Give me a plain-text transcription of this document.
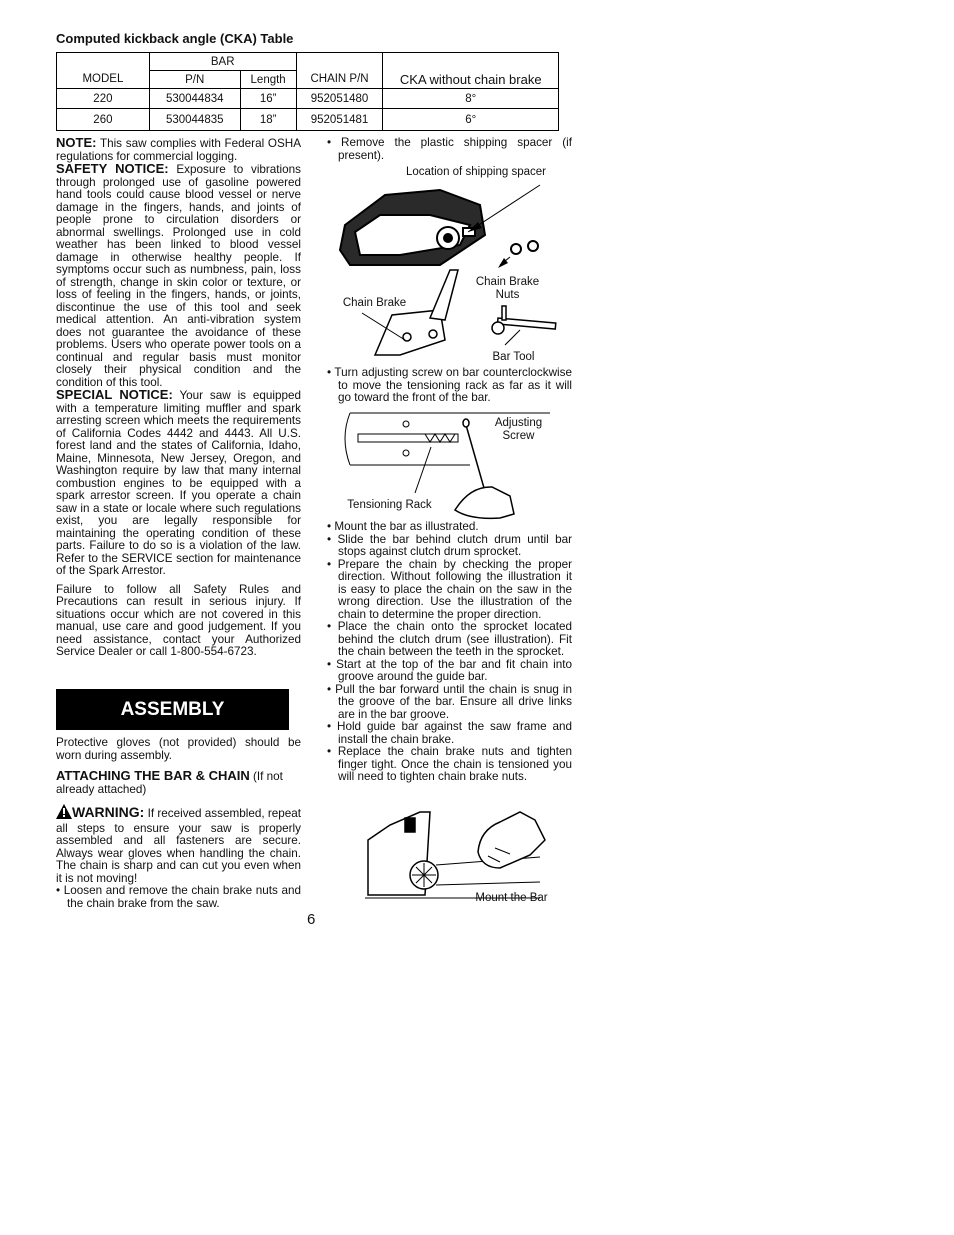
Computed kickback angle (CKA) Table
	BAR			
MODEL	P/N	Length	CHAIN P/N	CKA without chain brake
220	530044834	16”	952051480	8°
260	530044835	18”	952051481	6°

NOTE: This saw complies with Federal OSHA regulations for commercial logging.

SAFETY NOTICE: Exposure to vibrations through prolonged use of gasoline powered hand tools could cause blood vessel or nerve damage in the fingers, hands, and joints of people prone to circulation disorders or abnormal swellings. Prolonged use in cold weather has been linked to blood vessel damage in otherwise healthy people. If symptoms occur such as numbness, pain, loss of strength, change in skin color or texture, or loss of feeling in the fingers, hands, or joints, discontinue the use of this tool and seek medical attention. An anti-vibration system does not guarantee the avoidance of these problems. Users who operate power tools on a continual and regular basis must monitor closely their physical condition and the condition of this tool.

SPECIAL NOTICE: Your saw is equipped with a temperature limiting muffler and spark arresting screen which meets the requirements of California Codes 4442 and 4443. All U.S. forest land and the states of California, Idaho, Maine, Minnesota, New Jersey, Oregon, and Washington require by law that many internal combustion engines to be equipped with a spark arrestor screen. If you operate a chain saw in a state or locale where such regulations exist, you are legally responsible for maintaining the operating condition of these parts. Failure to do so is a violation of the law. Refer to the SERVICE section for maintenance of the Spark Arrestor.

Failure to follow all Safety Rules and Precautions can result in serious injury. If situations occur which are not covered in this manual, use care and good judgement. If you need assistance, contact your Authorized Service Dealer or call 1-800-554-6723.

ASSEMBLY

Protective gloves (not provided) should be worn during assembly.

ATTACHING THE BAR & CHAIN (If not already attached)

WARNING: If received assembled, repeat all steps to ensure your saw is properly assembled and all fasteners are secure. Always wear gloves when handling the chain. The chain is sharp and can cut you even when it is not moving!

• Loosen and remove the chain brake nuts and the chain brake from the saw.

• Remove the plastic shipping spacer (if present).

Location of shipping spacer
Chain Brake Nuts
Chain Brake
Bar Tool

• Turn adjusting screw on bar counterclockwise to move the tensioning rack as far as it will go toward the front of the bar.

Adjusting Screw
Tensioning Rack

• Mount the bar as illustrated.

• Slide the bar behind clutch drum until bar stops against clutch drum sprocket.

• Prepare the chain by checking the proper direction. Without following the illustration it is easy to place the chain on the saw in the wrong direction. Use the illustration of the chain to determine the proper direction.

• Place the chain onto the sprocket located behind the clutch drum (see illustration). Fit the chain between the teeth in the sprocket.

• Start at the top of the bar and fit chain into groove around the guide bar.

• Pull the bar forward until the chain is snug in the groove of the bar. Ensure all drive links are in the bar groove.

• Hold guide bar against the saw frame and install the chain brake.

• Replace the chain brake nuts and tighten finger tight. Once the chain is tensioned you will need to tighten chain brake nuts.

Mount the Bar
6
